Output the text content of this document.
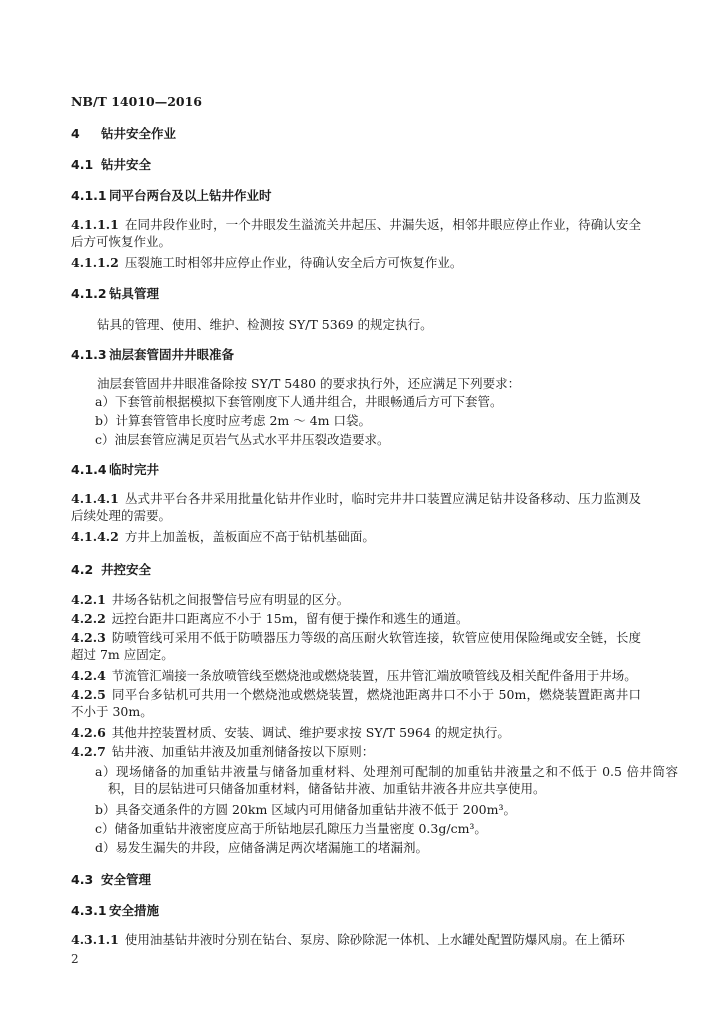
NB/T 14010—2016
4 钻井安全作业
4.1 钻井安全
4.1.1 同平台两台及以上钻井作业时
4.1.1.1 在同井段作业时，一个井眼发生溢流关井起压、井漏失返，相邻井眼应停止作业，待确认安全后方可恢复作业。
4.1.1.2 压裂施工时相邻井应停止作业，待确认安全后方可恢复作业。
4.1.2 钻具管理
钻具的管理、使用、维护、检测按 SY/T 5369 的规定执行。
4.1.3 油层套管固井井眼准备
油层套管固井井眼准备除按 SY/T 5480 的要求执行外，还应满足下列要求：
a）下套管前根据模拟下套管刚度下人通井组合，井眼畅通后方可下套管。
b）计算套管管串长度时应考虑 2m ～ 4m 口袋。
c）油层套管应满足页岩气丛式水平井压裂改造要求。
4.1.4 临时完井
4.1.4.1 丛式井平台各井采用批量化钻井作业时，临时完井井口装置应满足钻井设备移动、压力监测及后续处理的需要。
4.1.4.2 方井上加盖板，盖板面应不高于钻机基础面。
4.2 井控安全
4.2.1 井场各钻机之间报警信号应有明显的区分。
4.2.2 远控台距井口距离应不小于 15m，留有便于操作和逃生的通道。
4.2.3 防喷管线可采用不低于防喷器压力等级的高压耐火软管连接，软管应使用保险绳或安全链，长度超过 7m 应固定。
4.2.4 节流管汇端接一条放喷管线至燃烧池或燃烧装置，压井管汇端放喷管线及相关配件备用于井场。
4.2.5 同平台多钻机可共用一个燃烧池或燃烧装置，燃烧池距离井口不小于 50m，燃烧装置距离井口不小于 30m。
4.2.6 其他井控装置材质、安装、调试、维护要求按 SY/T 5964 的规定执行。
4.2.7 钻井液、加重钻井液及加重剂储备按以下原则：
a）现场储备的加重钻井液量与储备加重材料、处理剂可配制的加重钻井液量之和不低于 0.5 倍井筒容积，目的层钻进可只储备加重材料，储备钻井液、加重钻井液各井应共享使用。
b）具备交通条件的方圆 20km 区域内可用储备加重钻井液不低于 200m³。
c）储备加重钻井液密度应高于所钻地层孔隙压力当量密度 0.3g/cm³。
d）易发生漏失的井段，应储备满足两次堵漏施工的堵漏剂。
4.3 安全管理
4.3.1 安全措施
4.3.1.1 使用油基钻井液时分别在钻台、泵房、除砂除泥一体机、上水罐处配置防爆风扇。在上循环
2
